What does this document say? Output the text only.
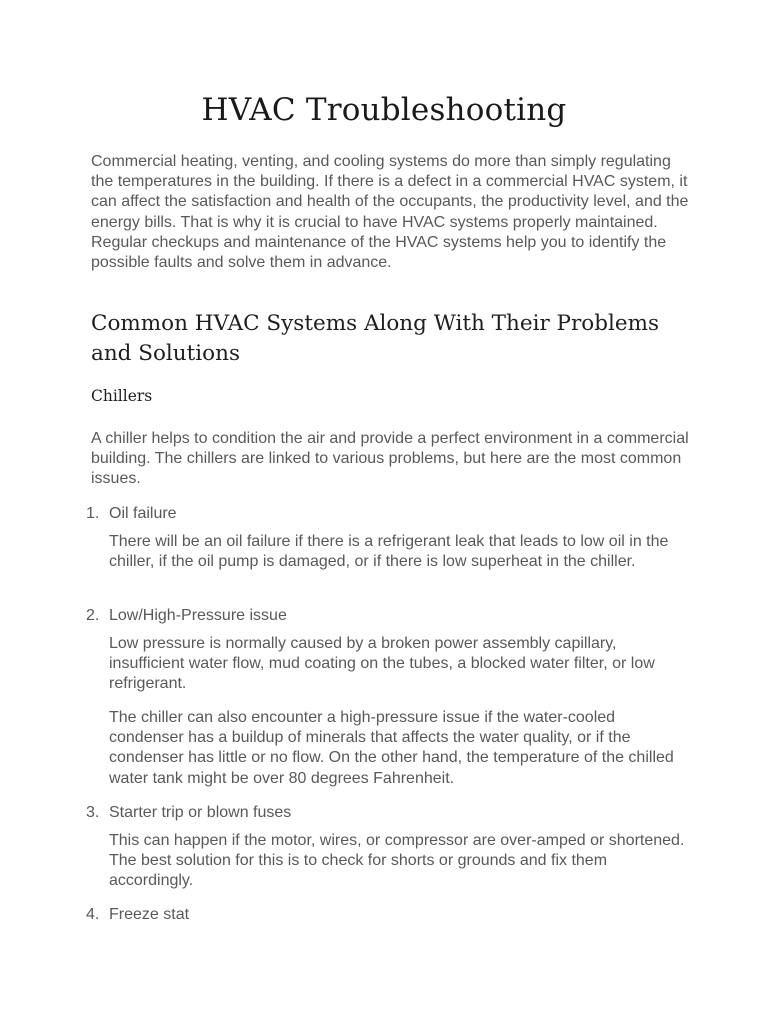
HVAC Troubleshooting

Commercial heating, venting, and cooling systems do more than simply regulating the temperatures in the building. If there is a defect in a commercial HVAC system, it can affect the satisfaction and health of the occupants, the productivity level, and the energy bills. That is why it is crucial to have HVAC systems properly maintained. Regular checkups and maintenance of the HVAC systems help you to identify the possible faults and solve them in advance.

Common HVAC Systems Along With Their Problems and Solutions
Chillers

A chiller helps to condition the air and provide a perfect environment in a commercial building. The chillers are linked to various problems, but here are the most common issues.

1. Oil failure

There will be an oil failure if there is a refrigerant leak that leads to low oil in the chiller, if the oil pump is damaged, or if there is low superheat in the chiller.

2. Low/High-Pressure issue

Low pressure is normally caused by a broken power assembly capillary, insufficient water flow, mud coating on the tubes, a blocked water filter, or low refrigerant.

The chiller can also encounter a high-pressure issue if the water-cooled condenser has a buildup of minerals that affects the water quality, or if the condenser has little or no flow. On the other hand, the temperature of the chilled water tank might be over 80 degrees Fahrenheit.

3. Starter trip or blown fuses

This can happen if the motor, wires, or compressor are over-amped or shortened. The best solution for this is to check for shorts or grounds and fix them accordingly.

4. Freeze stat
